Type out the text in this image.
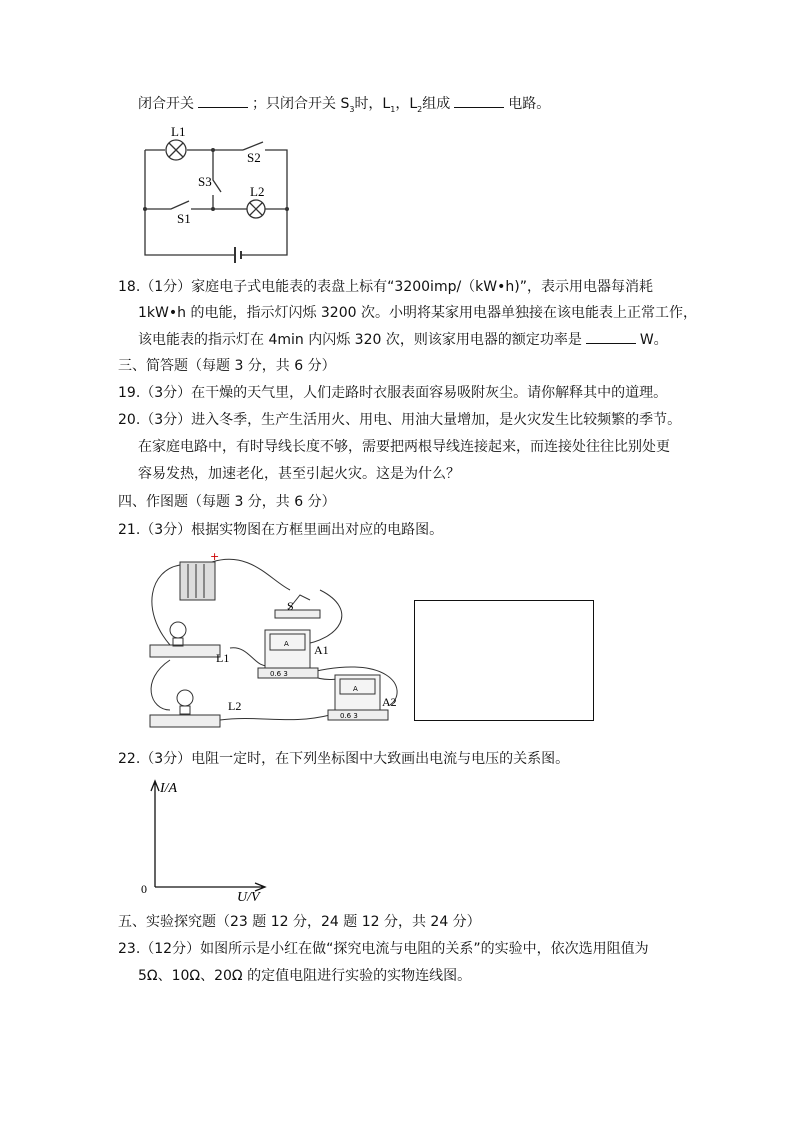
闭合开关	；只闭合开关 $S_3$时，$L_1$，$L_2$组成	电路。
L1
S2
S3
L2
S1
18.（1分）家庭电子式电能表的表盘上标有“3200imp/（kW•h)”，表示用电器每消耗
1kW•h 的电能，指示灯闪烁 3200 次。小明将某家用电器单独接在该电能表上正常工作，
该电能表的指示灯在 4min 内闪烁 320 次，则该家用电器的额定功率是	W。
三、简答题（每题 3 分，共 6 分）
19.（3分）在干燥的天气里，人们走路时衣服表面容易吸附灰尘。请你解释其中的道理。
20.（3分）进入冬季，生产生活用火、用电、用油大量增加，是火灾发生比较频繁的季节。
在家庭电路中，有时导线长度不够，需要把两根导线连接起来，而连接处往往比别处更
容易发热，加速老化，甚至引起火灾。这是为什么？
四、作图题（每题 3 分，共 6 分）
21.（3分）根据实物图在方框里画出对应的电路图。
+
S
L1
A1
L2	A2
A
A
0.6 3
0.6 3
22.（3分）电阻一定时，在下列坐标图中大致画出电流与电压的关系图。
I/A
U/V
0
五、实验探究题（23 题 12 分，24 题 12 分，共 24 分）
23.（12分）如图所示是小红在做“探究电流与电阻的关系”的实验中，依次选用阻值为
5Ω、10Ω、20Ω 的定值电阻进行实验的实物连线图。
